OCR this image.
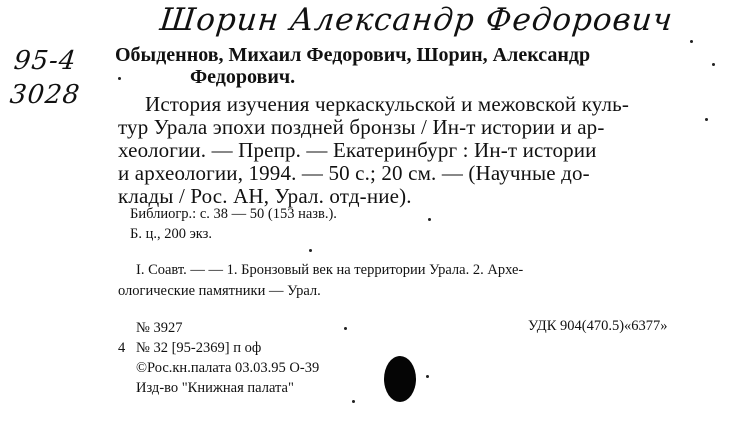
Шорин Александр Федорович
95-4
3028
Обыденнов, Михаил Федорович, Шорин, Александр
Федорович.
История изучения черкаскульской и межовской куль-
тур Урала эпохи поздней бронзы / Ин-т истории и ар-
хеологии. — Препр. — Екатеринбург : Ин-т истории
и археологии, 1994. — 50 с.; 20 см. — (Научные до-
клады / Рос. АН, Урал. отд-ние).
Библиогр.: с. 38 — 50 (153 назв.).
Б. ц., 200 экз.
I. Соавт. — — 1. Бронзовый век на территории Урала. 2. Архе-
ологические памятники — Урал.
№ 3927	УДК 904(470.5)«6377»
4 № 32 [95-2369] п оф
©Рос.кн.палата 03.03.95 О-39
Изд-во "Книжная палата"
